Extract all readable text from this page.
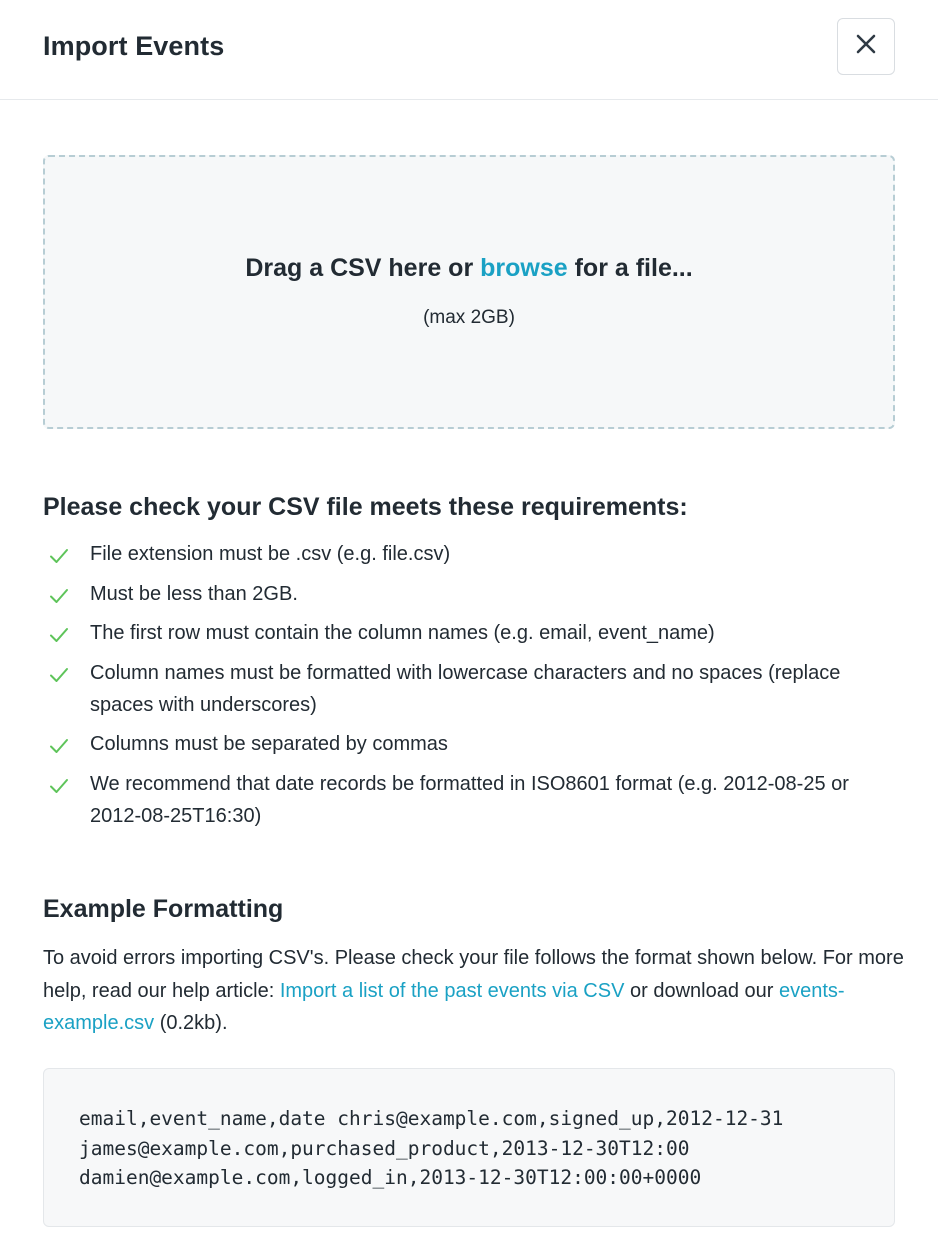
Import Events
Drag a CSV here or browse for a file...
(max 2GB)
Please check your CSV file meets these requirements:
File extension must be .csv (e.g. file.csv)
Must be less than 2GB.
The first row must contain the column names (e.g. email, event_name)
Column names must be formatted with lowercase characters and no spaces (replace spaces with underscores)
Columns must be separated by commas
We recommend that date records be formatted in ISO8601 format (e.g. 2012-08-25 or 2012-08-25T16:30)
Example Formatting
To avoid errors importing CSV's. Please check your file follows the format shown below. For more help, read our help article: Import a list of the past events via CSV or download our events-example.csv (0.2kb).
email,event_name,date chris@example.com,signed_up,2012-12-31
james@example.com,purchased_product,2013-12-30T12:00
damien@example.com,logged_in,2013-12-30T12:00:00+0000
